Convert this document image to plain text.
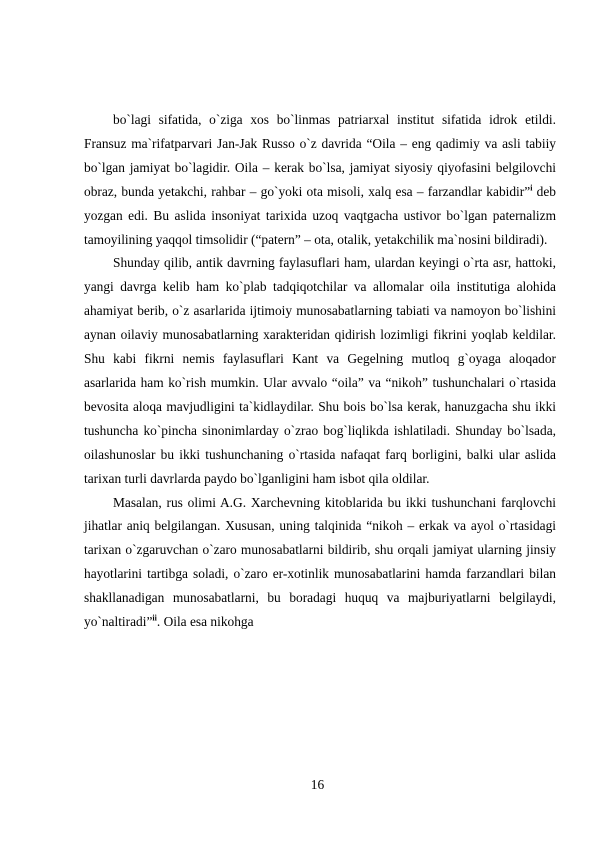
bo`lagi sifatida, o`ziga xos bo`linmas patriarxal institut sifatida idrok etildi. Fransuz ma`rifatparvari Jan-Jak Russo o`z davrida “Oila – eng qadimiy va asli tabiiy bo`lgan jamiyat bo`lagidir. Oila – kerak bo`lsa, jamiyat siyosiy qiyofasini belgilovchi obraz, bunda yetakchi, rahbar – go`yoki ota misoli, xalq esa – farzandlar kabidir”$^i$ deb yozgan edi. Bu aslida insoniyat tarixida uzoq vaqtgacha ustivor bo`lgan paternalizm tamoyilining yaqqol timsolidir (“patern” – ota, otalik, yetakchilik ma`nosini bildiradi).

Shunday qilib, antik davrning faylasuflari ham, ulardan keyingi o`rta asr, hattoki, yangi davrga kelib ham ko`plab tadqiqotchilar va allomalar oila institutiga alohida ahamiyat berib, o`z asarlarida ijtimoiy munosabatlarning tabiati va namoyon bo`lishini aynan oilaviy munosabatlarning xarakteridan qidirish lozimligi fikrini yoqlab keldilar. Shu kabi fikrni nemis faylasuflari Kant va Gegelning mutloq g`oyaga aloqador asarlarida ham ko`rish mumkin. Ular avvalo “oila” va “nikoh” tushunchalari o`rtasida bevosita aloqa mavjudligini ta`kidlaydilar. Shu bois bo`lsa kerak, hanuzgacha shu ikki tushuncha ko`pincha sinonimlarday o`zrao bog`liqlikda ishlatiladi. Shunday bo`lsada, oilashunoslar bu ikki tushunchaning o`rtasida nafaqat farq borligini, balki ular aslida tarixan turli davrlarda paydo bo`lganligini ham isbot qila oldilar.

Masalan, rus olimi A.G. Xarchevning kitoblarida bu ikki tushunchani farqlovchi jihatlar aniq belgilangan. Xususan, uning talqinida “nikoh – erkak va ayol o`rtasidagi tarixan o`zgaruvchan o`zaro munosabatlarni bildirib, shu orqali jamiyat ularning jinsiy hayotlarini tartibga soladi, o`zaro er-xotinlik munosabatlarini hamda farzandlari bilan shakllanadigan munosabatlarni, bu boradagi huquq va majburiyatlarni belgilaydi, yo`naltiradi”$^{ii}$. Oila esa nikohga

16
